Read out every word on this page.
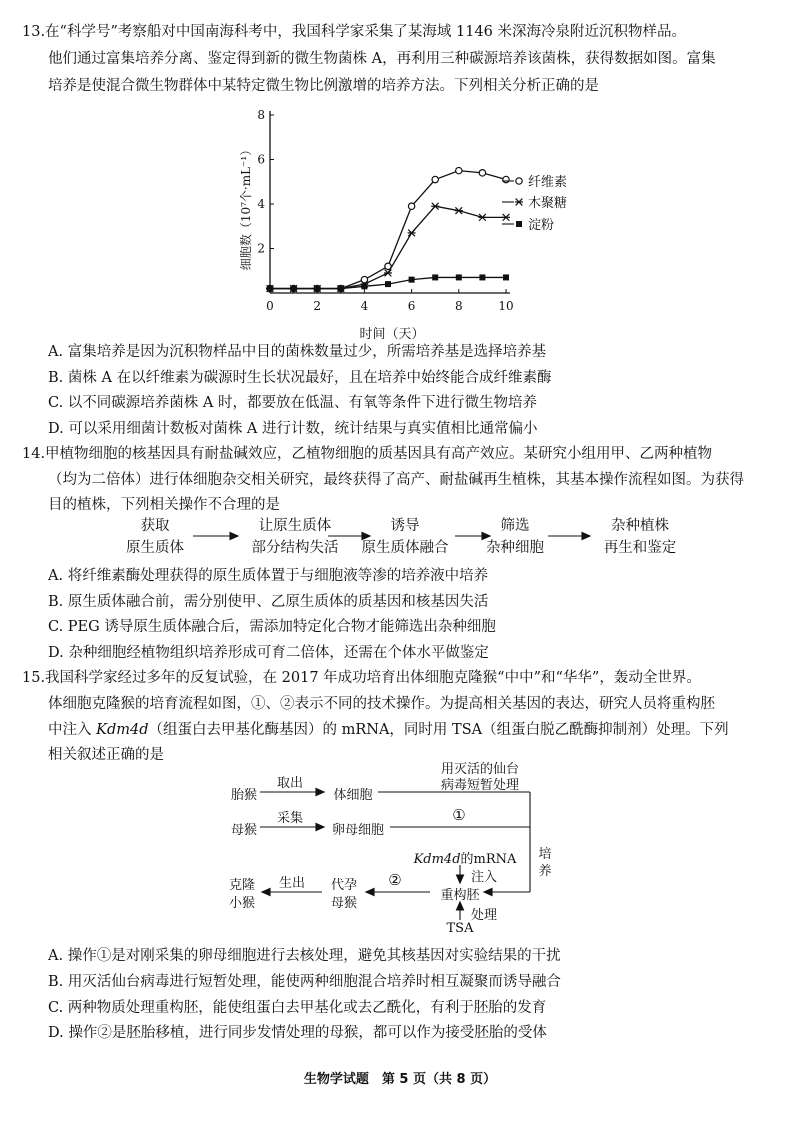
13.在“科学号”考察船对中国南海科考中，我国科学家采集了某海域 1146 米深海冷泉附近沉积物样品。
他们通过富集培养分离、鉴定得到新的微生物菌株 A，再利用三种碳源培养该菌株，获得数据如图。富集
培养是使混合微生物群体中某特定微生物比例激增的培养方法。下列相关分析正确的是
0	2	4	6	8	10
2
4
6
8
纤维素
木聚糖
淀粉
时间（天）
细胞数（10⁷个·mL⁻¹）
A. 富集培养是因为沉积物样品中目的菌株数量过少，所需培养基是选择培养基
B. 菌株 A 在以纤维素为碳源时生长状况最好，且在培养中始终能合成纤维素酶
C. 以不同碳源培养菌株 A 时，都要放在低温、有氧等条件下进行微生物培养
D. 可以采用细菌计数板对菌株 A 进行计数，统计结果与真实值相比通常偏小
14.甲植物细胞的核基因具有耐盐碱效应，乙植物细胞的质基因具有高产效应。某研究小组用甲、乙两种植物
（均为二倍体）进行体细胞杂交相关研究，最终获得了高产、耐盐碱再生植株，其基本操作流程如图。为获得
目的植株，下列相关操作不合理的是
获取
原生质体
让原生质体
部分结构失活
诱导
原生质体融合
筛选
杂种细胞
杂种植株
再生和鉴定
A. 将纤维素酶处理获得的原生质体置于与细胞液等渗的培养液中培养
B. 原生质体融合前，需分别使甲、乙原生质体的质基因和核基因失活
C. PEG 诱导原生质体融合后，需添加特定化合物才能筛选出杂种细胞
D. 杂种细胞经植物组织培养形成可育二倍体，还需在个体水平做鉴定
15.我国科学家经过多年的反复试验，在 2017 年成功培育出体细胞克隆猴“中中”和“华华”，轰动全世界。
体细胞克隆猴的培育流程如图，①、②表示不同的技术操作。为提高相关基因的表达，研究人员将重构胚
中注入 Kdm4d（组蛋白去甲基化酶基因）的 mRNA，同时用 TSA（组蛋白脱乙酰酶抑制剂）处理。下列
相关叙述正确的是
胎猴
取出
体细胞
用灭活的仙台
病毒短暂处理
母猴
采集
卵母细胞
①
培养
Kdm4d的mRNA
注入
重构胚
处理
TSA
②
代孕
母猴
生出
克隆
小猴
A. 操作①是对刚采集的卵母细胞进行去核处理，避免其核基因对实验结果的干扰
B. 用灭活仙台病毒进行短暂处理，能使两种细胞混合培养时相互凝聚而诱导融合
C. 两种物质处理重构胚，能使组蛋白去甲基化或去乙酰化，有利于胚胎的发育
D. 操作②是胚胎移植，进行同步发情处理的母猴，都可以作为接受胚胎的受体
生物学试题　第 5 页（共 8 页）
